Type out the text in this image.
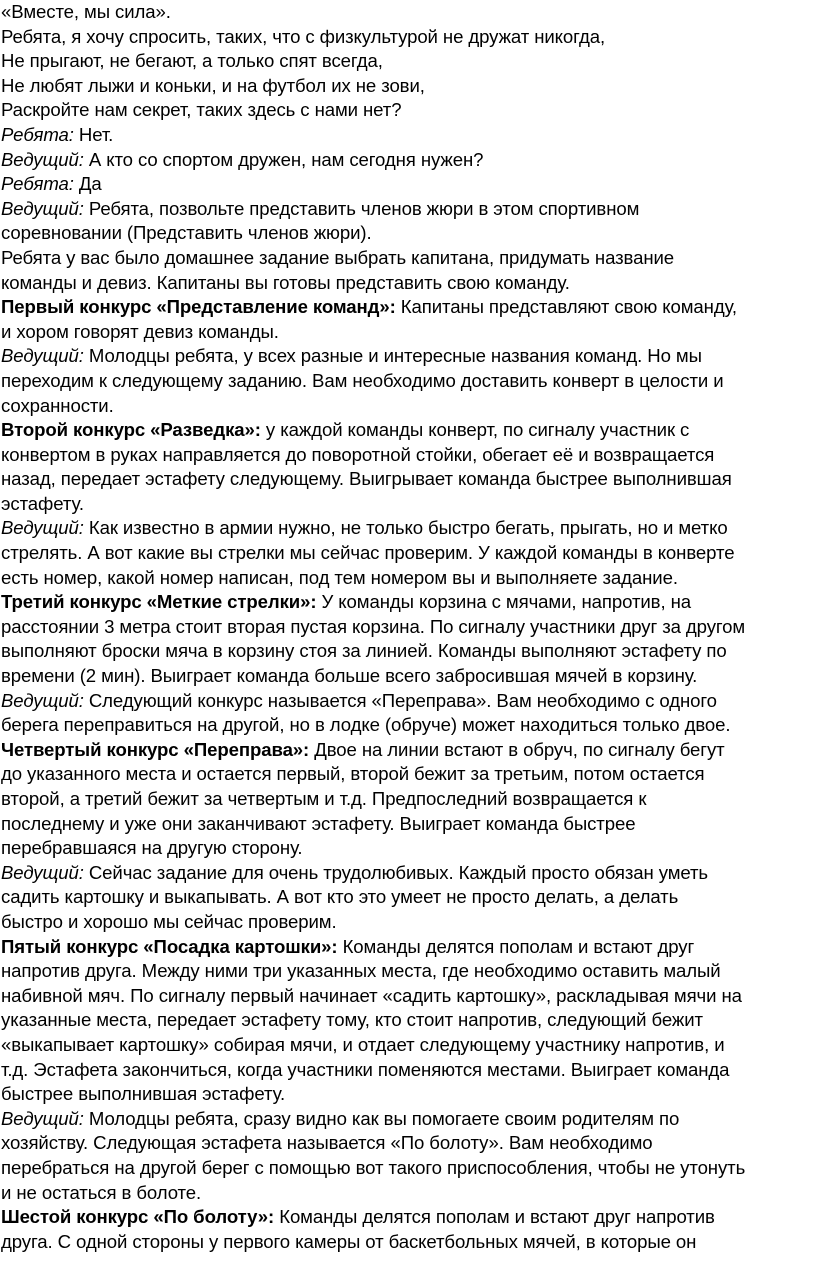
«Вместе, мы сила».
Ребята, я хочу спросить, таких, что с физкультурой не дружат никогда,
Не прыгают, не бегают, а только спят всегда,
Не любят лыжи и коньки, и на футбол их не зови,
Раскройте нам секрет, таких здесь с нами нет?
Ребята: Нет.
Ведущий: А кто со спортом дружен, нам сегодня нужен?
Ребята: Да
Ведущий: Ребята, позвольте представить членов жюри в этом спортивном
соревновании (Представить членов жюри).
Ребята у вас было домашнее задание выбрать капитана, придумать название
команды и девиз. Капитаны вы готовы представить свою команду.
Первый конкурс «Представление команд»: Капитаны представляют свою команду,
и хором говорят девиз команды.
Ведущий: Молодцы ребята, у всех разные и интересные названия команд. Но мы
переходим к следующему заданию. Вам необходимо доставить конверт в целости и
сохранности.
Второй конкурс «Разведка»: у каждой команды конверт, по сигналу участник с
конвертом в руках направляется до поворотной стойки, обегает её и возвращается
назад, передает эстафету следующему. Выигрывает команда быстрее выполнившая
эстафету.
Ведущий: Как известно в армии нужно, не только быстро бегать, прыгать, но и метко
стрелять. А вот какие вы стрелки мы сейчас проверим. У каждой команды в конверте
есть номер, какой номер написан, под тем номером вы и выполняете задание.
Третий конкурс «Меткие стрелки»: У команды корзина с мячами, напротив, на
расстоянии 3 метра стоит вторая пустая корзина. По сигналу участники друг за другом
выполняют броски мяча в корзину стоя за линией. Команды выполняют эстафету по
времени (2 мин). Выиграет команда больше всего забросившая мячей в корзину.
Ведущий: Следующий конкурс называется «Переправа». Вам необходимо с одного
берега переправиться на другой, но в лодке (обруче) может находиться только двое.
Четвертый конкурс «Переправа»: Двое на линии встают в обруч, по сигналу бегут
до указанного места и остается первый, второй бежит за третьим, потом остается
второй, а третий бежит за четвертым и т.д. Предпоследний возвращается к
последнему и уже они заканчивают эстафету. Выиграет команда быстрее
перебравшаяся на другую сторону.
Ведущий: Сейчас задание для очень трудолюбивых. Каждый просто обязан уметь
садить картошку и выкапывать. А вот кто это умеет не просто делать, а делать
быстро и хорошо мы сейчас проверим.
Пятый конкурс «Посадка картошки»: Команды делятся пополам и встают друг
напротив друга. Между ними три указанных места, где необходимо оставить малый
набивной мяч. По сигналу первый начинает «садить картошку», раскладывая мячи на
указанные места, передает эстафету тому, кто стоит напротив, следующий бежит
«выкапывает картошку» собирая мячи, и отдает следующему участнику напротив, и
т.д. Эстафета закончиться, когда участники поменяются местами. Выиграет команда
быстрее выполнившая эстафету.
Ведущий: Молодцы ребята, сразу видно как вы помогаете своим родителям по
хозяйству. Следующая эстафета называется «По болоту». Вам необходимо
перебраться на другой берег с помощью вот такого приспособления, чтобы не утонуть
и не остаться в болоте.
Шестой конкурс «По болоту»: Команды делятся пополам и встают друг напротив
друга. С одной стороны у первого камеры от баскетбольных мячей, в которые он
